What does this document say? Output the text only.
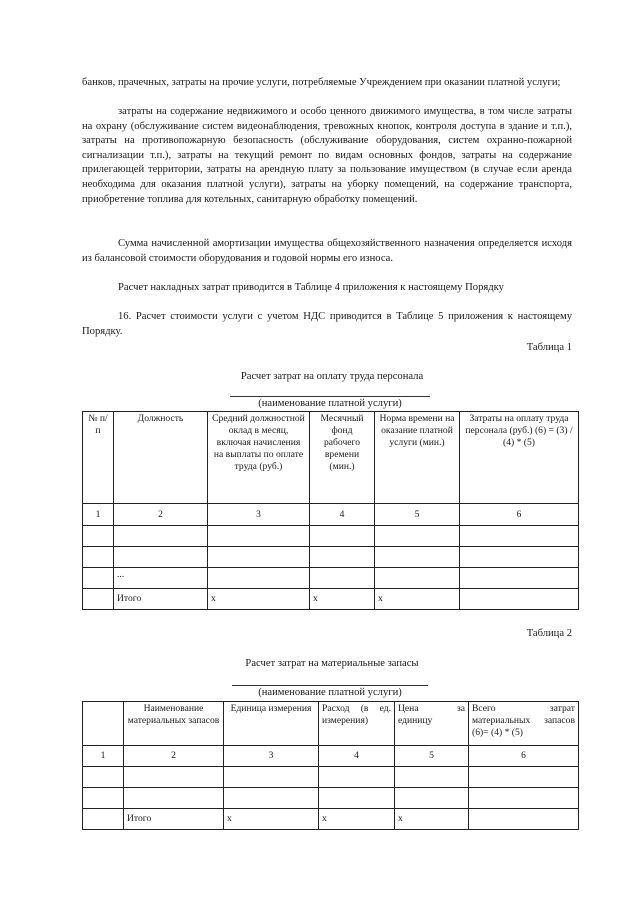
банков, прачечных, затраты на прочие услуги, потребляемые Учреждением при оказании платной услуги;

затраты на содержание недвижимого и особо ценного движимого имущества, в том числе затраты на охрану (обслуживание систем видеонаблюдения, тревожных кнопок, контроля доступа в здание и т.п.), затраты на противопожарную безопасность (обслуживание оборудования, систем охранно-пожарной сигнализации т.п.), затраты на текущий ремонт по видам основных фондов, затраты на содержание прилегающей территории, затраты на арендную плату за пользование имуществом (в случае если аренда необходима для оказания платной услуги), затраты на уборку помещений, на содержание транспорта, приобретение топлива для котельных, санитарную обработку помещений.

Сумма начисленной амортизации имущества общехозяйственного назначения определяется исходя из балансовой стоимости оборудования и годовой нормы его износа.

Расчет накладных затрат приводится в Таблице 4 приложения к настоящему Порядку

16. Расчет стоимости услуги с учетом НДС приводится в Таблице 5 приложения к настоящему Порядку.

Таблица 1
Расчет затрат на оплату труда персонала
(наименование платной услуги)
№ п/п	Должность	Средний должностной оклад в месяц, включая начисления на выплаты по оплате труда (руб.)	Месячный фонд рабочего времени (мин.)	Норма времени на оказание платной услуги (мин.)	Затраты на оплату труда персонала (руб.) (6) = (3) / (4) * (5)
1	2	3	4	5	6

	...				
	Итого	х	х	х	
Таблица 2
Расчет затрат на материальные запасы
(наименование платной услуги)
	Наименование материальных запасов	Единица измерения	Расход (в ед. измерения)	Цена за единицу	Всего затрат материальных запасов (6)= (4) * (5)
1	2	3	4	5	6

	Итого	х	х	х	
